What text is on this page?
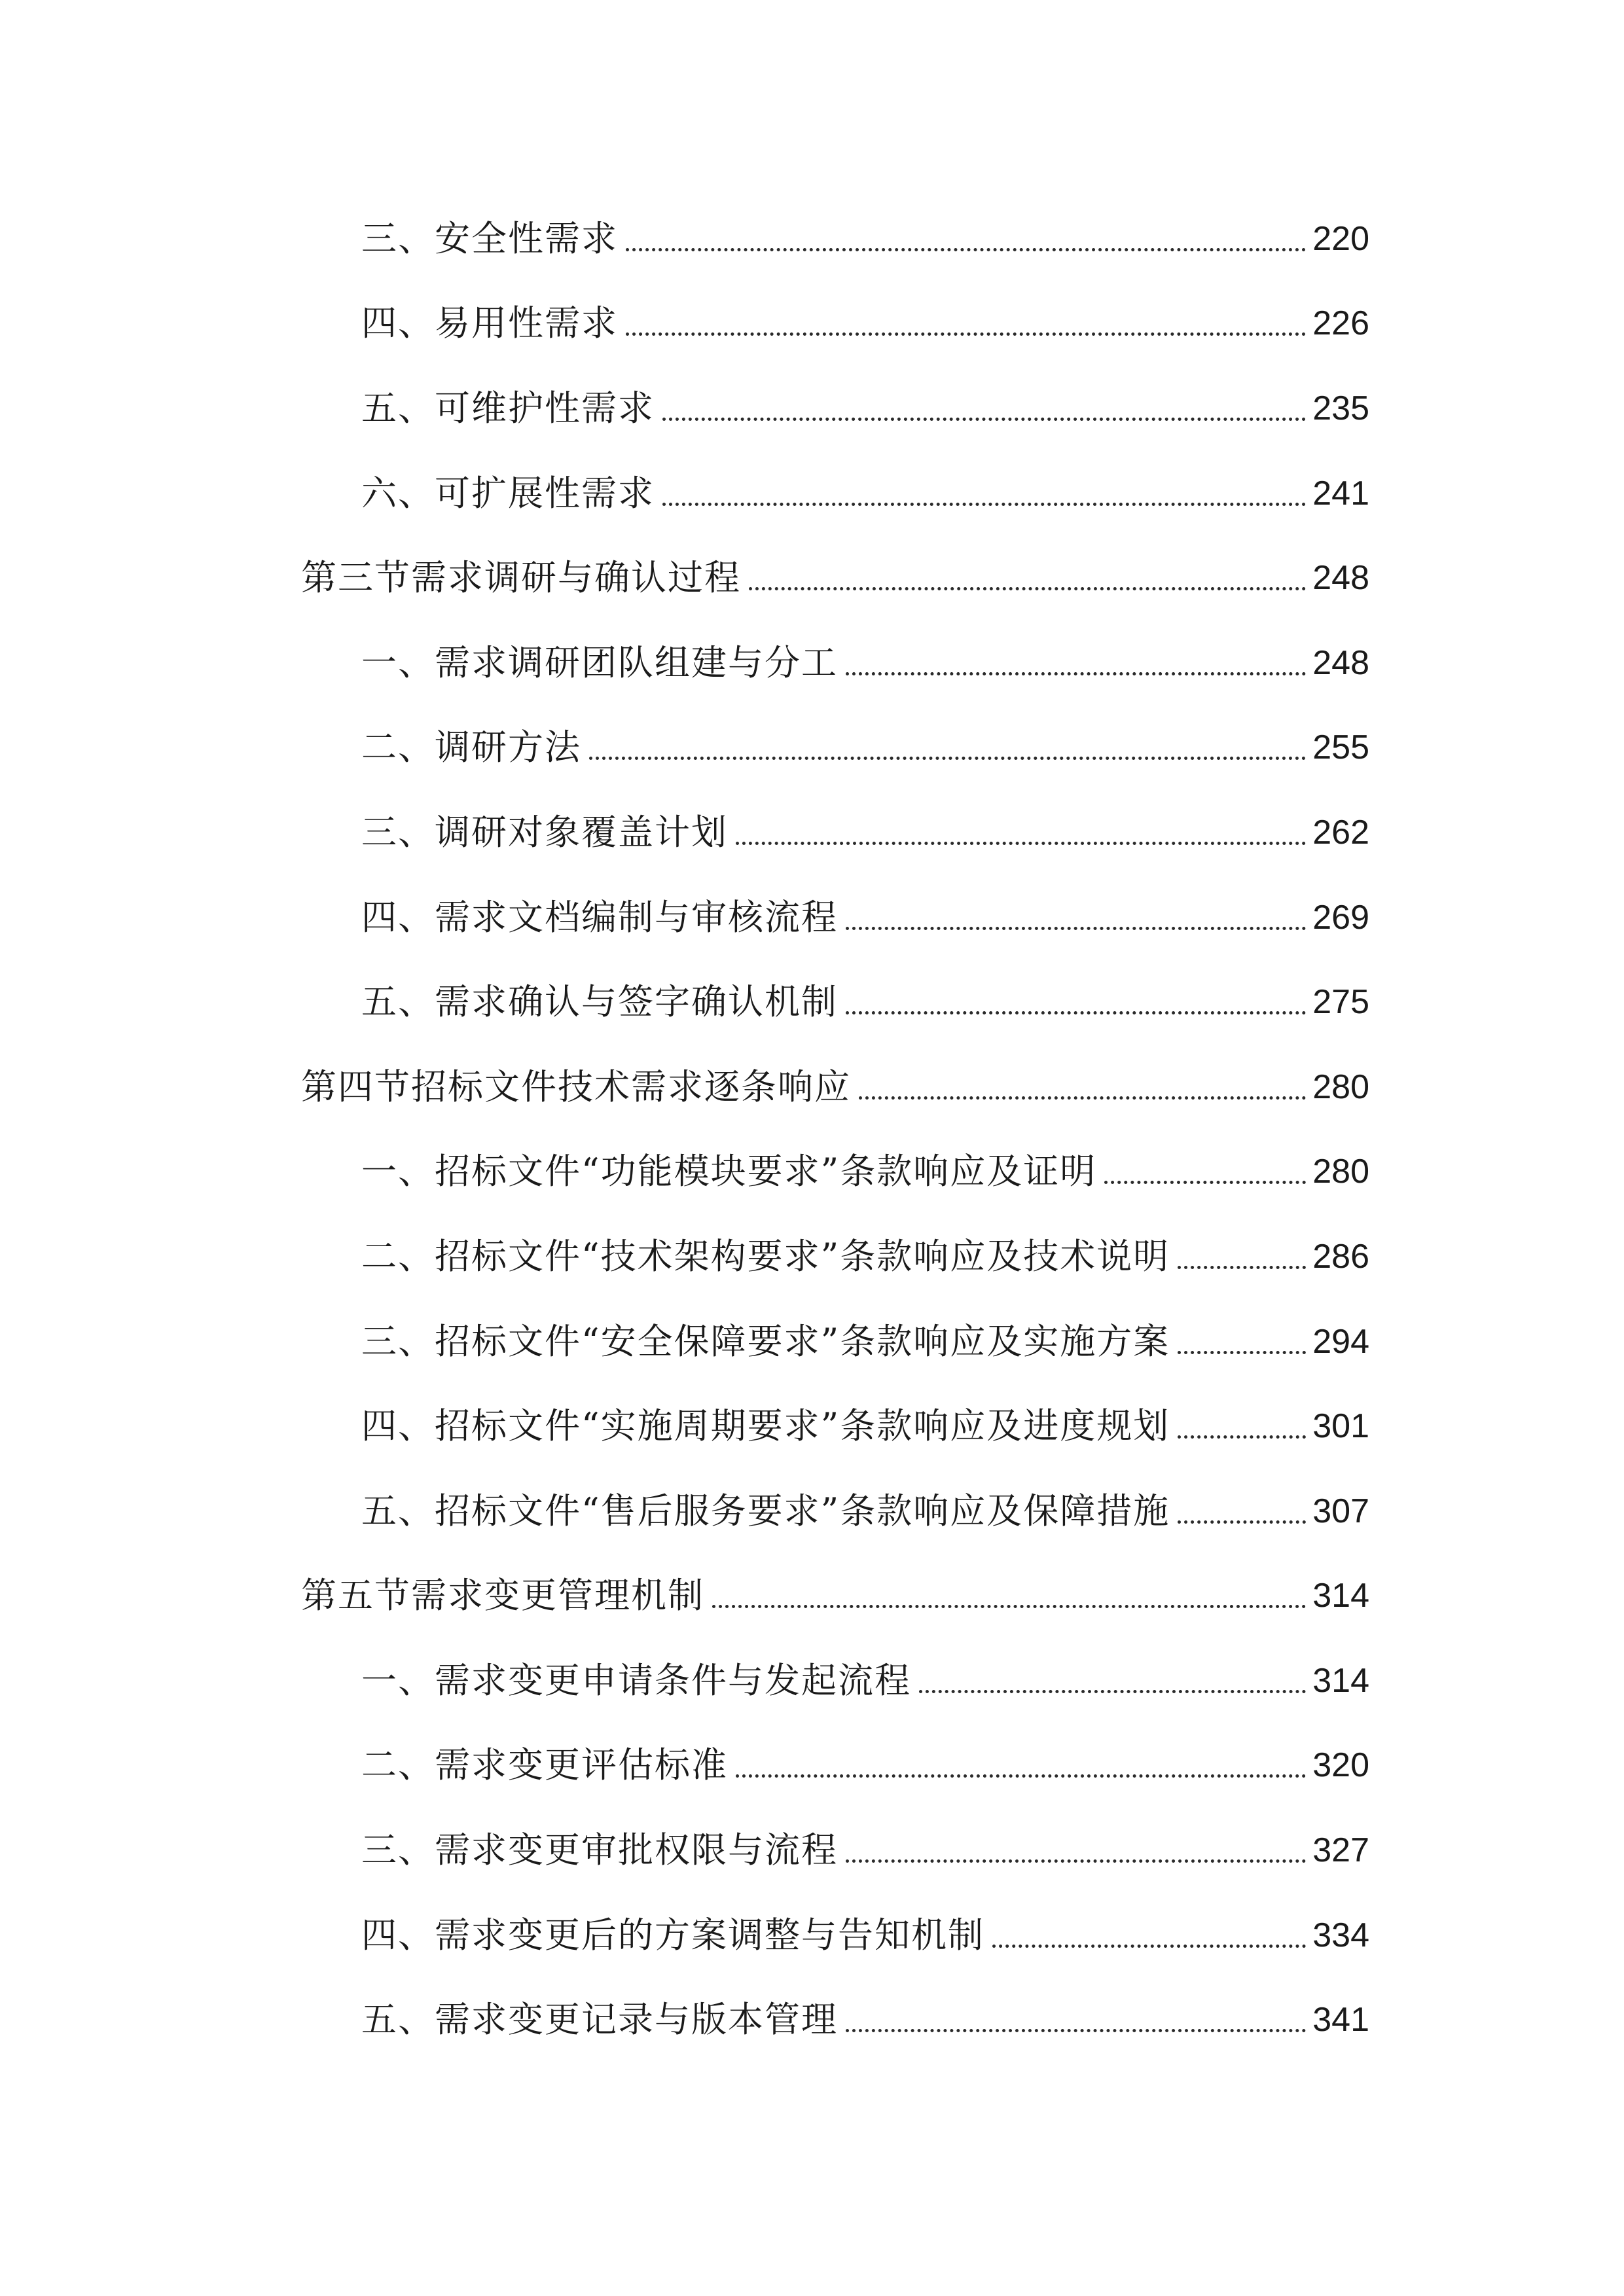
三、安全性需求	220
四、易用性需求	226
五、可维护性需求	235
六、可扩展性需求	241
第三节需求调研与确认过程	248
一、需求调研团队组建与分工	248
二、调研方法	255
三、调研对象覆盖计划	262
四、需求文档编制与审核流程	269
五、需求确认与签字确认机制	275
第四节招标文件技术需求逐条响应	280
一、招标文件“功能模块要求”条款响应及证明	280
二、招标文件“技术架构要求”条款响应及技术说明	286
三、招标文件“安全保障要求”条款响应及实施方案	294
四、招标文件“实施周期要求”条款响应及进度规划	301
五、招标文件“售后服务要求”条款响应及保障措施	307
第五节需求变更管理机制	314
一、需求变更申请条件与发起流程	314
二、需求变更评估标准	320
三、需求变更审批权限与流程	327
四、需求变更后的方案调整与告知机制	334
五、需求变更记录与版本管理	341
